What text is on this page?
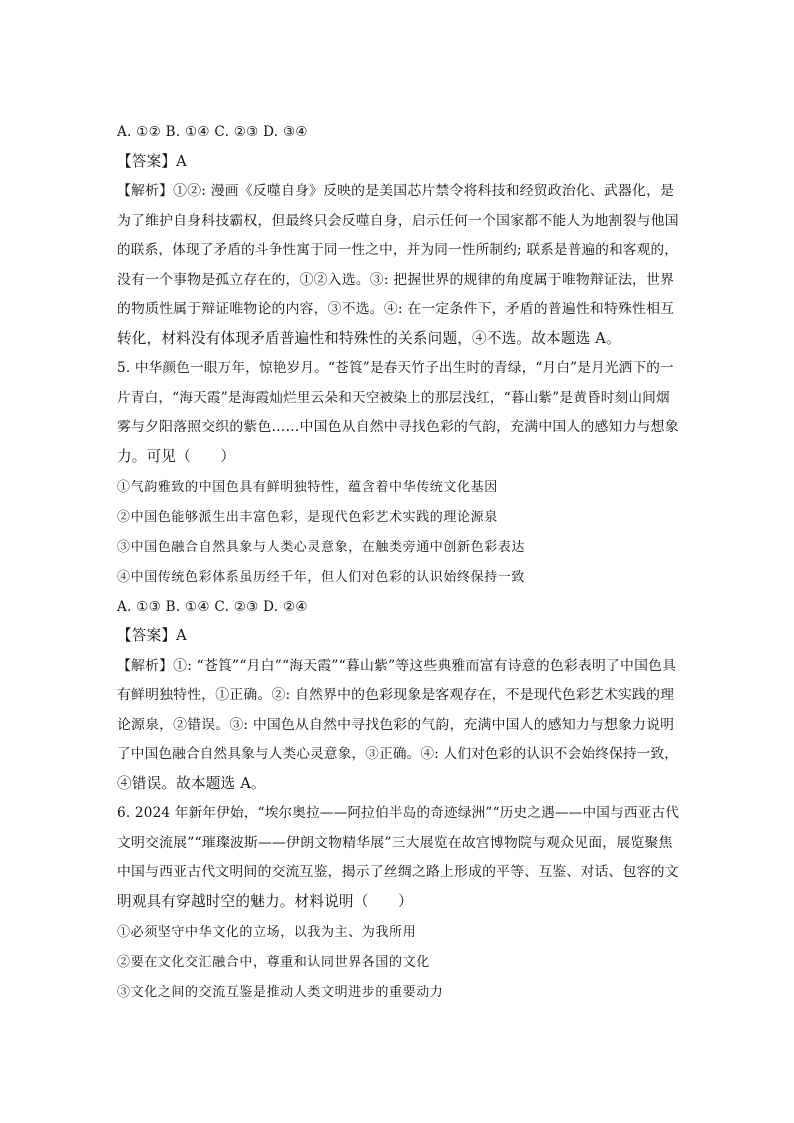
A. ①② B. ①④ C. ②③ D. ③④

【答案】A

【解析】①②: 漫画《反噬自身》反映的是美国芯片禁令将科技和经贸政治化、武器化，是

为了维护自身科技霸权，但最终只会反噬自身，启示任何一个国家都不能人为地割裂与他国

的联系，体现了矛盾的斗争性寓于同一性之中，并为同一性所制约; 联系是普遍的和客观的，

没有一个事物是孤立存在的，①②入选。③: 把握世界的规律的角度属于唯物辩证法，世界

的物质性属于辩证唯物论的内容，③不选。④: 在一定条件下，矛盾的普遍性和特殊性相互

转化，材料没有体现矛盾普遍性和特殊性的关系问题，④不选。故本题选 A。

5. 中华颜色一眼万年，惊艳岁月。“苍筤”是春天竹子出生时的青绿，“月白”是月光洒下的一

片青白，“海天霞”是海霞灿烂里云朵和天空被染上的那层浅红，“暮山紫”是黄昏时刻山间烟

雾与夕阳落照交织的紫色……中国色从自然中寻找色彩的气韵，充满中国人的感知力与想象

力。可见（　　）

①气韵雅致的中国色具有鲜明独特性，蕴含着中华传统文化基因

②中国色能够派生出丰富色彩，是现代色彩艺术实践的理论源泉

③中国色融合自然具象与人类心灵意象，在触类旁通中创新色彩表达

④中国传统色彩体系虽历经千年，但人们对色彩的认识始终保持一致

A. ①③ B. ①④ C. ②③ D. ②④

【答案】A

【解析】①: “苍筤”“月白”“海天霞”“暮山紫”等这些典雅而富有诗意的色彩表明了中国色具

有鲜明独特性，①正确。②: 自然界中的色彩现象是客观存在，不是现代色彩艺术实践的理

论源泉，②错误。③: 中国色从自然中寻找色彩的气韵，充满中国人的感知力与想象力说明

了中国色融合自然具象与人类心灵意象，③正确。④: 人们对色彩的认识不会始终保持一致，

④错误。故本题选 A。

6. 2024 年新年伊始，“埃尔奥拉——阿拉伯半岛的奇迹绿洲”“历史之遇——中国与西亚古代

文明交流展”“璀璨波斯——伊朗文物精华展”三大展览在故宫博物院与观众见面，展览聚焦

中国与西亚古代文明间的交流互鉴，揭示了丝绸之路上形成的平等、互鉴、对话、包容的文

明观具有穿越时空的魅力。材料说明（　　）

①必须坚守中华文化的立场，以我为主、为我所用

②要在文化交汇融合中，尊重和认同世界各国的文化

③文化之间的交流互鉴是推动人类文明进步的重要动力
